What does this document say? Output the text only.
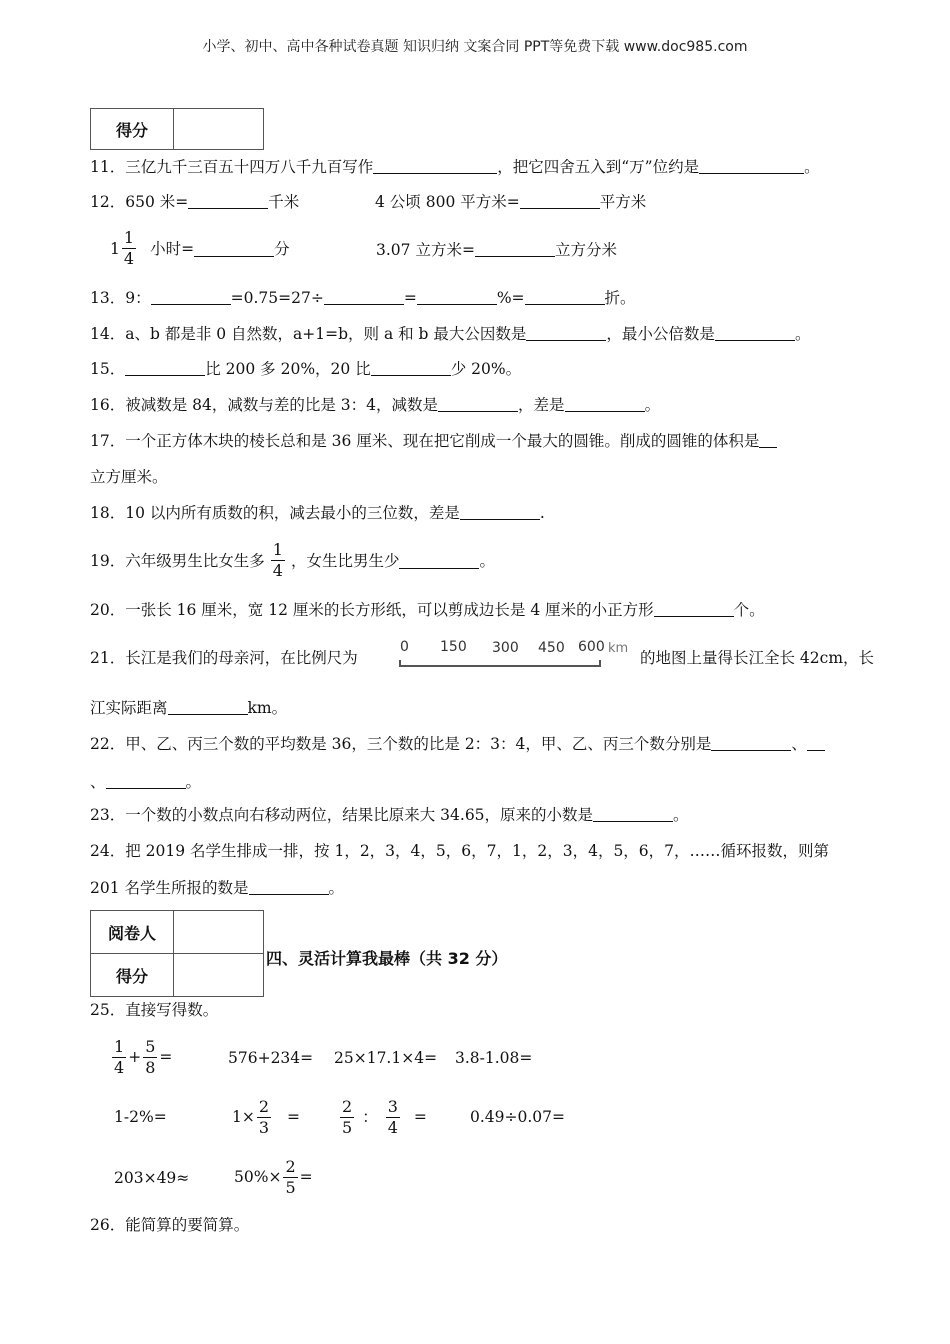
小学、初中、高中各种试卷真题 知识归纳 文案合同 PPT等免费下载 www.doc985.com
得分	
11．三亿九千三百五十四万八千九百写作	，把它四舍五入到“万”位约是	。
12．650 米=	千米	4 公顷 800 平方米=	平方米
$1 \frac{1}{4}$ 小时=	分	3.07 立方米=	立方分米
13．9：	=0.75=27÷	=	%=	折。
14．a、b 都是非 0 自然数，a+1=b，则 a 和 b 最大公因数是	，最小公倍数是	。
15．	比 200 多 20%，20 比	少 20%。
16．被减数是 84，减数与差的比是 3：4，减数是	，差是	。
17．一个正方体木块的棱长总和是 36 厘米、现在把它削成一个最大的圆锥。削成的圆锥的体积是
立方厘米。
18．10 以内所有质数的积，减去最小的三位数，差是	.
19． 六年级男生比女生多 $\frac{1}{4}$ ，女生比男生少	。
20．一张长 16 厘米，宽 12 厘米的长方形纸，可以剪成边长是 4 厘米的小正方形	个。
21．长江是我们的母亲河，在比例尺为
0 150 300 450 600 km
的地图上量得长江全长 42cm，长
江实际距离	km。
22．甲、乙、丙三个数的平均数是 36，三个数的比是 2：3：4，甲、乙、丙三个数分别是	、
、	。
23．一个数的小数点向右移动两位，结果比原来大 34.65，原来的小数是	。
24．把 2019 名学生排成一排，按 1，2，3，4，5，6，7，1，2，3，4，5，6，7，……循环报数，则第
201 名学生所报的数是	。
阅卷人	
得分	
四、灵活计算我最棒（共 32 分）
25．直接写得数。
$\frac{1}{4} + \frac{5}{8}$ =	576+234= 25×17.1×4= 3.8-1.08=
1-2%=	$1\times \frac{2}{3} = \frac{2}{5}$ ： $\frac{3}{4}$ =	0.49÷0.07=
203×49≈	$50\%\times \frac{2}{5}$ =
26．能简算的要简算。
